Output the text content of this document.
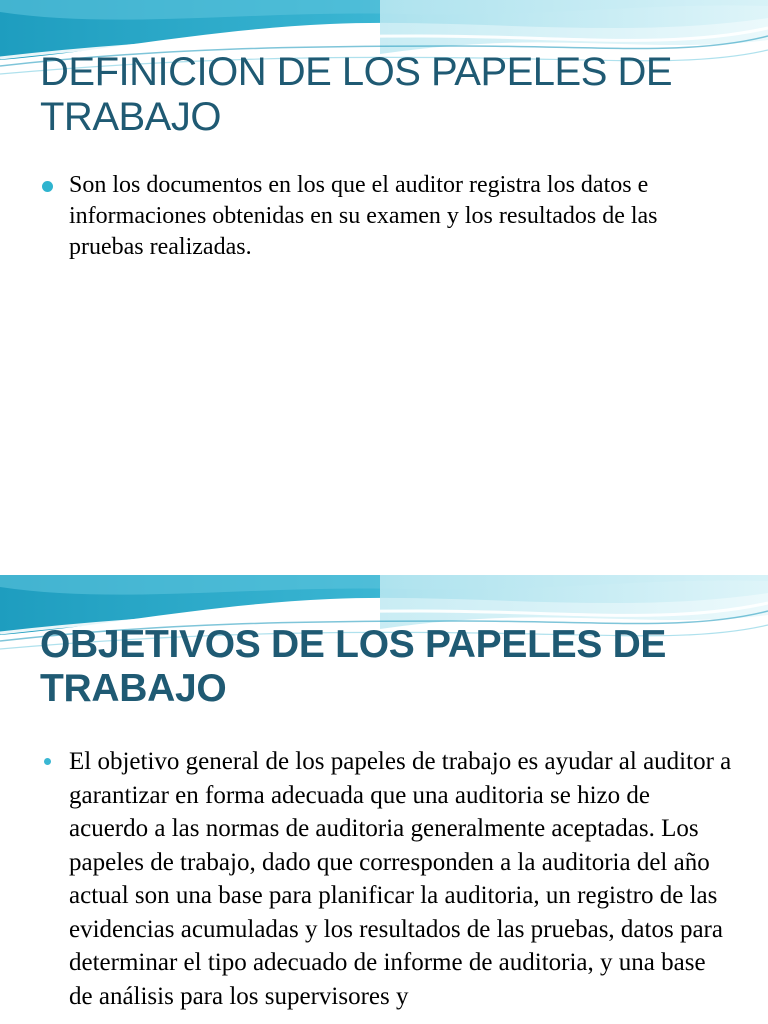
DEFINICION DE LOS PAPELES DE TRABAJO
Son los documentos en los que el auditor registra los datos e informaciones obtenidas en su examen y los resultados de las pruebas realizadas.
OBJETIVOS DE LOS PAPELES DE TRABAJO
El objetivo general de los papeles de trabajo es ayudar al auditor a garantizar en forma adecuada que una auditoria se hizo de acuerdo a las normas de auditoria generalmente aceptadas. Los papeles de trabajo, dado que corresponden a la auditoria del año actual son una base para planificar la auditoria, un registro de las evidencias acumuladas y los resultados de las pruebas, datos para determinar el tipo adecuado de informe de auditoria, y una base de análisis para los supervisores y
